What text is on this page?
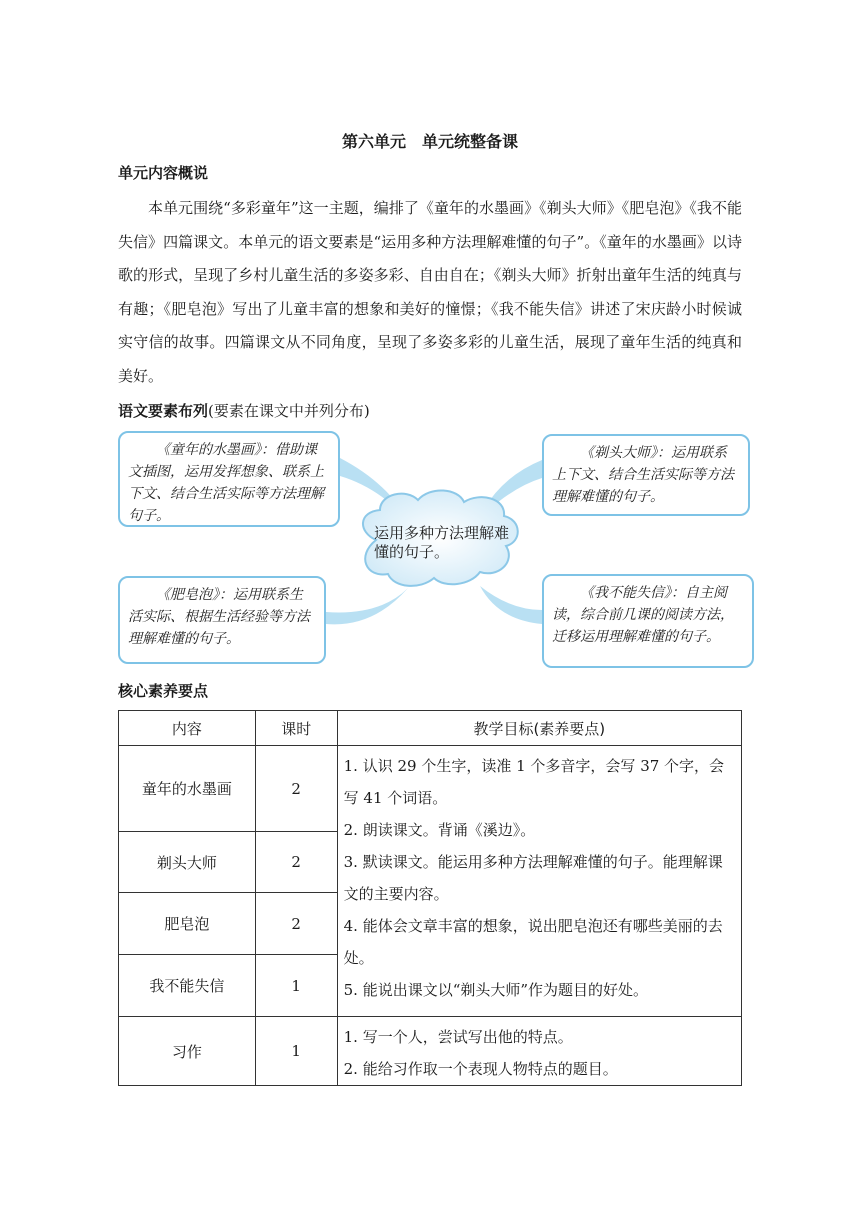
第六单元　单元统整备课
单元内容概说

本单元围绕“多彩童年”这一主题，编排了《童年的水墨画》《剃头大师》《肥皂泡》《我不能失信》四篇课文。本单元的语文要素是“运用多种方法理解难懂的句子”。《童年的水墨画》以诗歌的形式，呈现了乡村儿童生活的多姿多彩、自由自在；《剃头大师》折射出童年生活的纯真与有趣；《肥皂泡》写出了儿童丰富的想象和美好的憧憬；《我不能失信》讲述了宋庆龄小时候诚实守信的故事。四篇课文从不同角度，呈现了多姿多彩的儿童生活，展现了童年生活的纯真和美好。

语文要素布列(要素在课文中并列分布)
运用多种方法理解难懂的句子。

《童年的水墨画》：借助课文插图，运用发挥想象、联系上下文、结合生活实际等方法理解句子。

《剃头大师》：运用联系上下文、结合生活实际等方法理解难懂的句子。

《肥皂泡》：运用联系生活实际、根据生活经验等方法理解难懂的句子。

《我不能失信》：自主阅读，综合前几课的阅读方法，迁移运用理解难懂的句子。

核心素养要点
内容	课时	教学目标(素养要点)
童年的水墨画	2	1. 认识 29 个生字，读准 1 个多音字，会写 37 个字，会写 41 个词语。

2. 朗读课文。背诵《溪边》。

3. 默读课文。能运用多种方法理解难懂的句子。能理解课文的主要内容。

4. 能体会文章丰富的想象，说出肥皂泡还有哪些美丽的去处。

5. 能说出课文以“剃头大师”作为题目的好处。

剃头大师	2	
肥皂泡	2	
我不能失信	1	
习作	1	1. 写一个人，尝试写出他的特点。

2. 能给习作取一个表现人物特点的题目。
